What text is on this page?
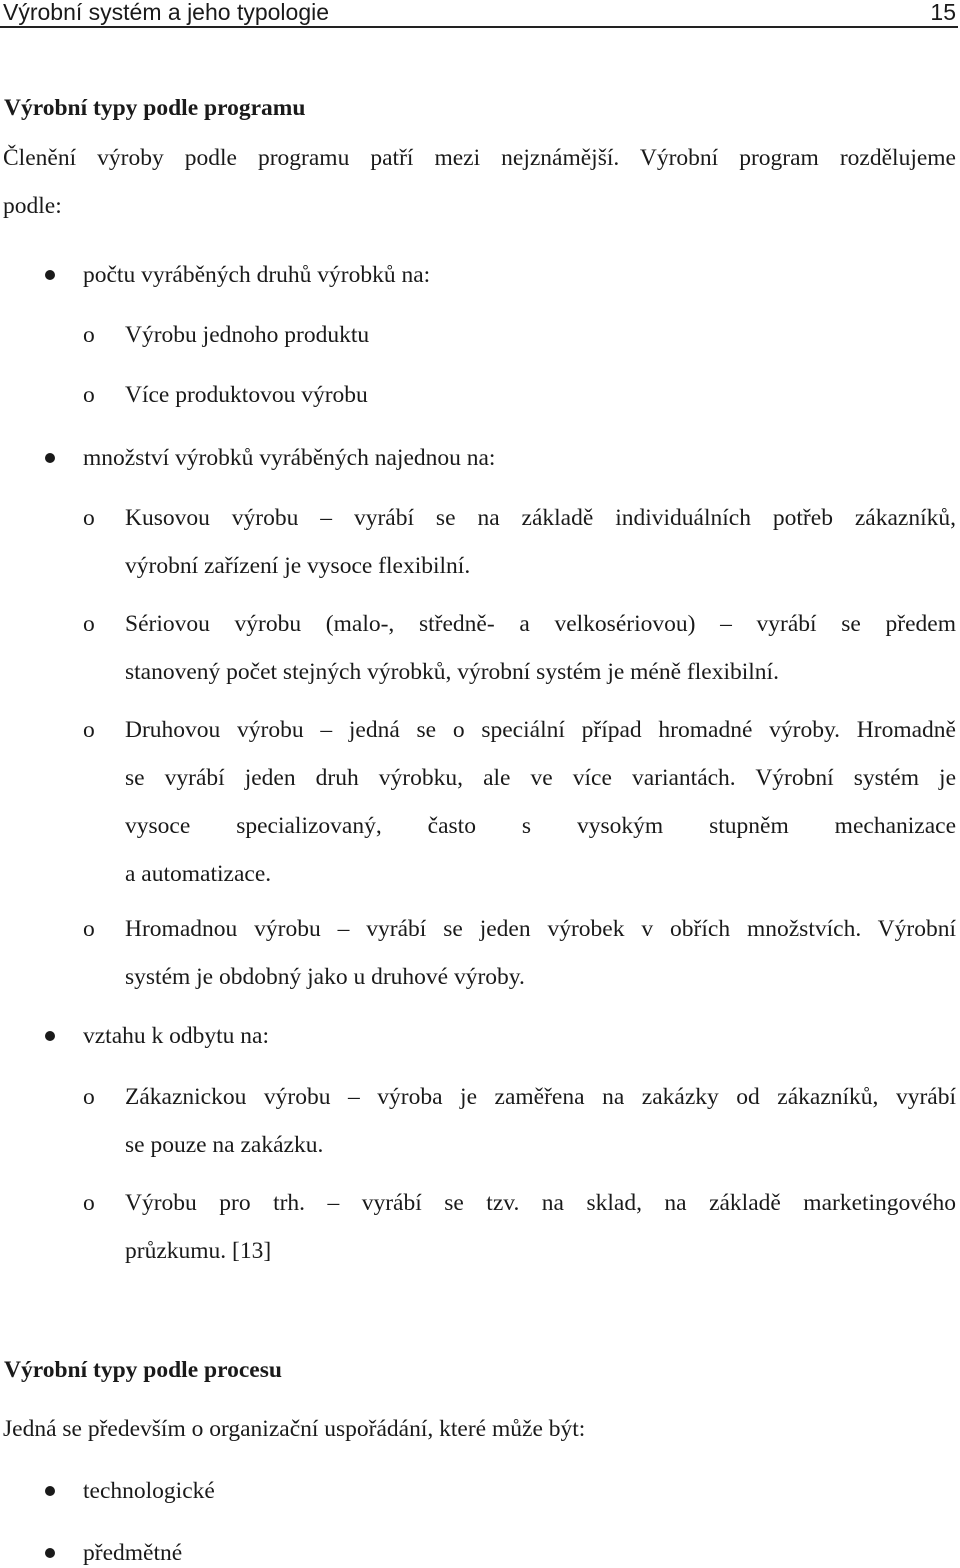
Výrobní systém a jeho typologie	15
Výrobní typy podle programu
Členění výroby podle programu patří mezi nejznámější. Výrobní program rozdělujeme
podle:
počtu vyráběných druhů výrobků na:
o Výrobu jednoho produktu
o Více produktovou výrobu
množství výrobků vyráběných najednou na:
o Kusovou výrobu – vyrábí se na základě individuálních potřeb zákazníků,
výrobní zařízení je vysoce flexibilní.
o Sériovou výrobu (malo-, středně- a velkosériovou) – vyrábí se předem
stanovený počet stejných výrobků, výrobní systém je méně flexibilní.
o Druhovou výrobu – jedná se o speciální případ hromadné výroby. Hromadně
se vyrábí jeden druh výrobku, ale ve více variantách. Výrobní systém je
vysoce specializovaný, často s vysokým stupněm mechanizace
a automatizace.
o Hromadnou výrobu – vyrábí se jeden výrobek v obřích množstvích. Výrobní
systém je obdobný jako u druhové výroby.
vztahu k odbytu na:
o Zákaznickou výrobu – výroba je zaměřena na zakázky od zákazníků, vyrábí
se pouze na zakázku.
o Výrobu pro trh. – vyrábí se tzv. na sklad, na základě marketingového
průzkumu. [13]
Výrobní typy podle procesu
Jedná se především o organizační uspořádání, které může být:
technologické
předmětné
